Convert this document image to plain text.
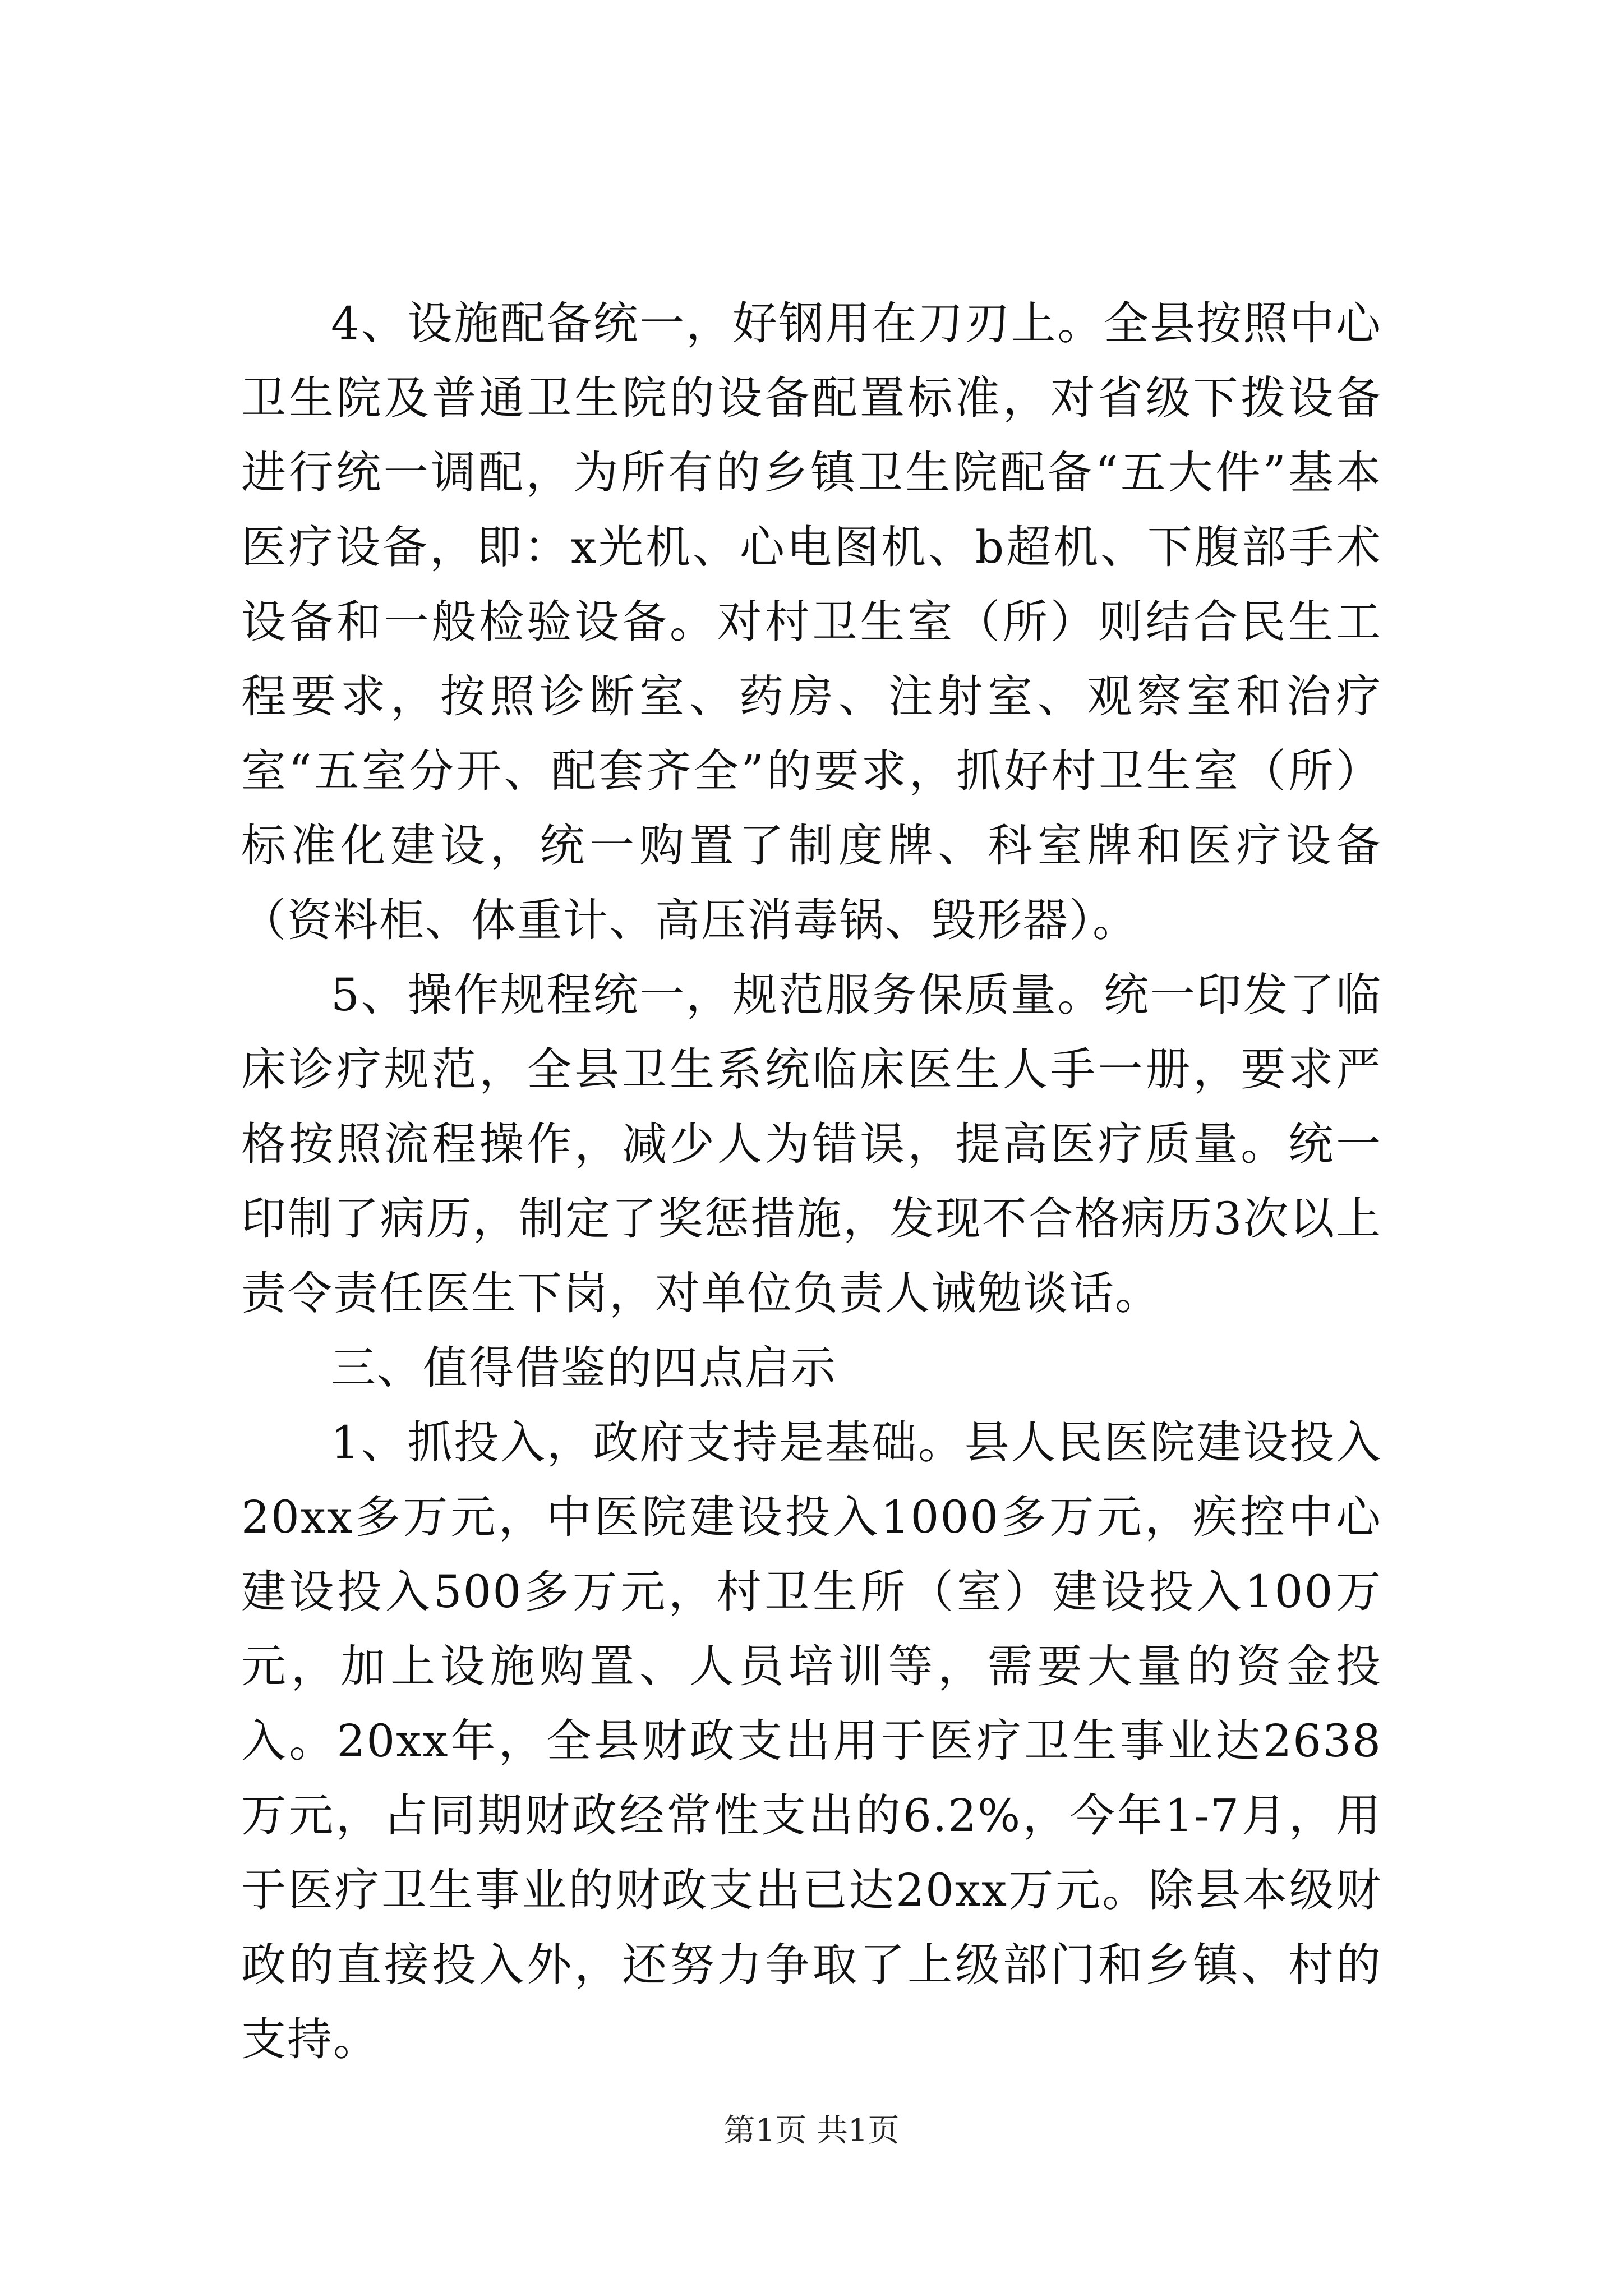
4、设施配备统一，好钢用在刀刃上。全县按照中心卫生院及普通卫生院的设备配置标准，对省级下拨设备进行统一调配，为所有的乡镇卫生院配备“五大件”基本医疗设备，即：x光机、心电图机、b超机、下腹部手术设备和一般检验设备。对村卫生室（所）则结合民生工程要求，按照诊断室、药房、注射室、观察室和治疗室“五室分开、配套齐全”的要求，抓好村卫生室（所）标准化建设，统一购置了制度牌、科室牌和医疗设备（资料柜、体重计、高压消毒锅、毁形器）。

5、操作规程统一，规范服务保质量。统一印发了临床诊疗规范，全县卫生系统临床医生人手一册，要求严格按照流程操作，减少人为错误，提高医疗质量。统一印制了病历，制定了奖惩措施，发现不合格病历3次以上责令责任医生下岗，对单位负责人诫勉谈话。

三、值得借鉴的四点启示

1、抓投入，政府支持是基础。县人民医院建设投入20xx多万元，中医院建设投入1000多万元，疾控中心建设投入500多万元，村卫生所（室）建设投入100万元，加上设施购置、人员培训等，需要大量的资金投入。20xx年，全县财政支出用于医疗卫生事业达2638万元，占同期财政经常性支出的6.2%，今年1-7月，用于医疗卫生事业的财政支出已达20xx万元。除县本级财政的直接投入外，还努力争取了上级部门和乡镇、村的支持。

第1页 共1页
